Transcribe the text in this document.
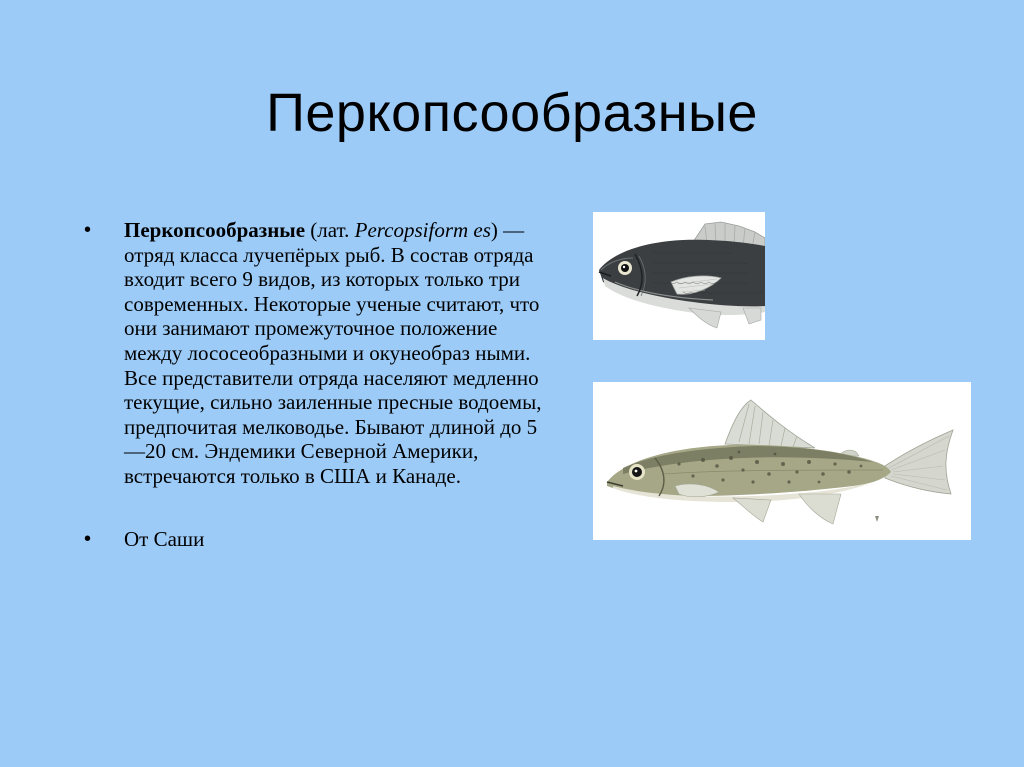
Перкопсообразные
• Перкопсообразные (лат. Percopsiform es) — отряд класса лучепёрых рыб. В состав отряда входит всего 9 видов, из которых только три современных. Некоторые ученые считают, что они занимают промежуточное положение между лососеобразными и окунеобраз ными. Все представители отряда населяют медленно текущие, сильно заиленные пресные водоемы, предпочитая мелководье. Бывают длиной до 5—20 см. Эндемики Северной Америки, встречаются только в США и Канаде.
• От Саши
